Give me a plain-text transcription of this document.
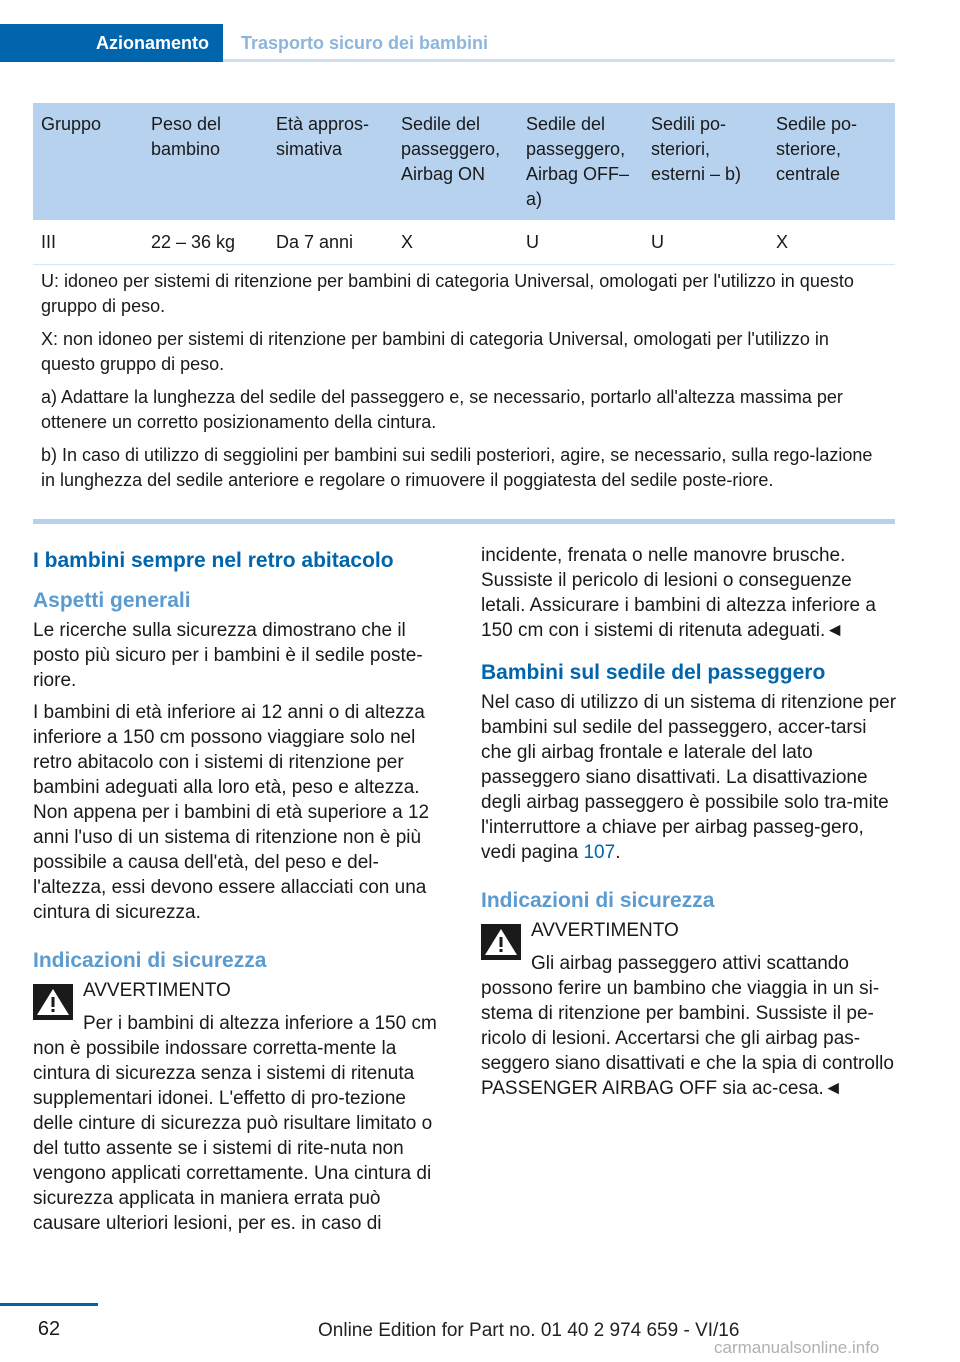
Azionamento Trasporto sicuro dei bambini
Gruppo	Peso del bambino	Età appros-simativa	Sedile del passeggero, Airbag ON	Sedile del passeggero, Airbag OFF– a)	Sedili po-steriori, esterni – b)	Sedile po-steriore, centrale
III	22 – 36 kg	Da 7 anni	X	U	U	X

U: idoneo per sistemi di ritenzione per bambini di categoria Universal, omologati per l'utilizzo in questo gruppo di peso.

X: non idoneo per sistemi di ritenzione per bambini di categoria Universal, omologati per l'utilizzo in questo gruppo di peso.

a) Adattare la lunghezza del sedile del passeggero e, se necessario, portarlo all'altezza massima per ottenere un corretto posizionamento della cintura.

b) In caso di utilizzo di seggiolini per bambini sui sedili posteriori, agire, se necessario, sulla rego-lazione in lunghezza del sedile anteriore e regolare o rimuovere il poggiatesta del sedile poste-riore.						

I bambini sempre nel retro abitacolo
Aspetti generali

Le ricerche sulla sicurezza dimostrano che il posto più sicuro per i bambini è il sedile poste-riore.

I bambini di età inferiore ai 12 anni o di altezza inferiore a 150 cm possono viaggiare solo nel retro abitacolo con i sistemi di ritenzione per bambini adeguati alla loro età, peso e altezza. Non appena per i bambini di età superiore a 12 anni l'uso di un sistema di ritenzione non è più possibile a causa dell'età, del peso e del-l'altezza, essi devono essere allacciati con una cintura di sicurezza.

Indicazioni di sicurezza
AVVERTIMENTO
Per i bambini di altezza inferiore a 150 cm non è possibile indossare corretta-mente la cintura di sicurezza senza i sistemi di ritenuta supplementari idonei. L'effetto di pro-tezione delle cinture di sicurezza può risultare limitato o del tutto assente se i sistemi di rite-nuta non vengono applicati correttamente. Una cintura di sicurezza applicata in maniera errata può causare ulteriori lesioni, per es. in caso di

incidente, frenata o nelle manovre brusche. Sussiste il pericolo di lesioni o conseguenze letali. Assicurare i bambini di altezza inferiore a 150 cm con i sistemi di ritenuta adeguati.◄

Bambini sul sedile del passeggero

Nel caso di utilizzo di un sistema di ritenzione per bambini sul sedile del passeggero, accer-tarsi che gli airbag frontale e laterale del lato passeggero siano disattivati. La disattivazione degli airbag passeggero è possibile solo tra-mite l'interruttore a chiave per airbag passeg-gero, vedi pagina 107.

Indicazioni di sicurezza
AVVERTIMENTO
Gli airbag passeggero attivi scattando possono ferire un bambino che viaggia in un si-stema di ritenzione per bambini. Sussiste il pe-ricolo di lesioni. Accertarsi che gli airbag pas-seggero siano disattivati e che la spia di controllo PASSENGER AIRBAG OFF sia ac-cesa.◄
62	Online Edition for Part no. 01 40 2 974 659 - VI/16
carmanualsonline.info
